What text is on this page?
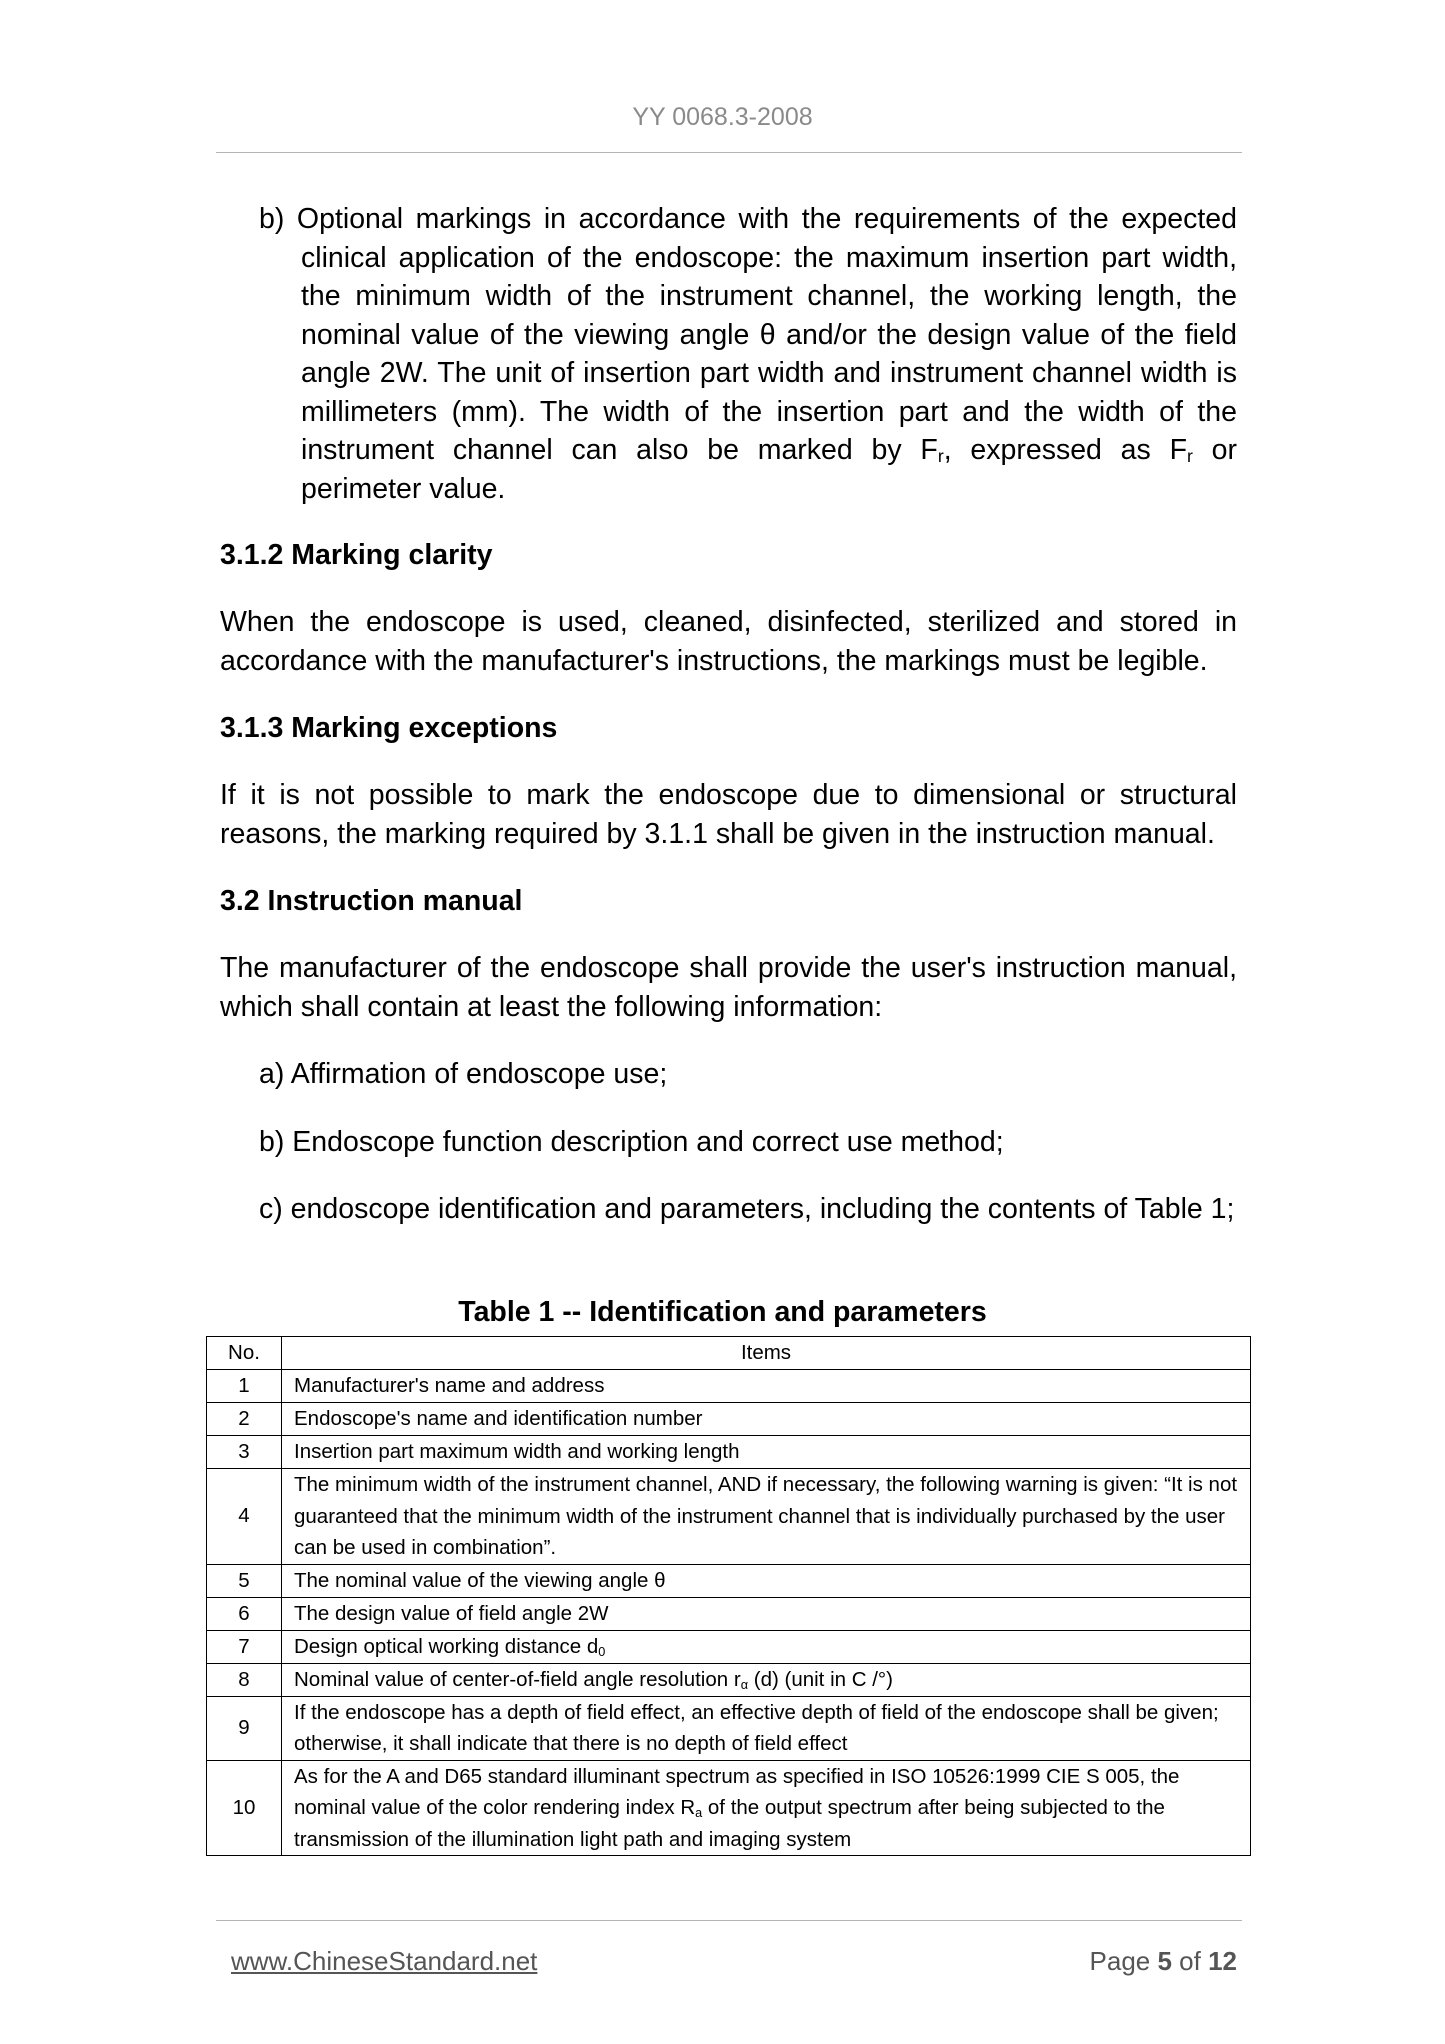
YY 0068.3-2008
b) Optional markings in accordance with the requirements of the expected clinical application of the endoscope: the maximum insertion part width, the minimum width of the instrument channel, the working length, the nominal value of the viewing angle θ and/or the design value of the field angle 2W. The unit of insertion part width and instrument channel width is millimeters (mm). The width of the insertion part and the width of the instrument channel can also be marked by $F_r$, expressed as $F_r$ or perimeter value.
3.1.2 Marking clarity
When the endoscope is used, cleaned, disinfected, sterilized and stored in accordance with the manufacturer's instructions, the markings must be legible.
3.1.3 Marking exceptions
If it is not possible to mark the endoscope due to dimensional or structural reasons, the marking required by 3.1.1 shall be given in the instruction manual.
3.2 Instruction manual
The manufacturer of the endoscope shall provide the user's instruction manual, which shall contain at least the following information:
a) Affirmation of endoscope use;
b) Endoscope function description and correct use method;
c) endoscope identification and parameters, including the contents of Table 1;
Table 1 -- Identification and parameters
No.	Items
1	Manufacturer's name and address
2	Endoscope's name and identification number
3	Insertion part maximum width and working length
4	The minimum width of the instrument channel, AND if necessary, the following warning is given: “It is not guaranteed that the minimum width of the instrument channel that is individually purchased by the user can be used in combination”.
5	The nominal value of the viewing angle θ
6	The design value of field angle 2W
7	Design optical working distance $d_0$
8	Nominal value of center-of-field angle resolution $r_\alpha$ (d) (unit in C /°)
9	If the endoscope has a depth of field effect, an effective depth of field of the endoscope shall be given; otherwise, it shall indicate that there is no depth of field effect
10	As for the A and D65 standard illuminant spectrum as specified in ISO 10526:1999 CIE S 005, the nominal value of the color rendering index $R_a$ of the output spectrum after being subjected to the transmission of the illumination light path and imaging system
www.ChineseStandard.net	Page 5 of 12
